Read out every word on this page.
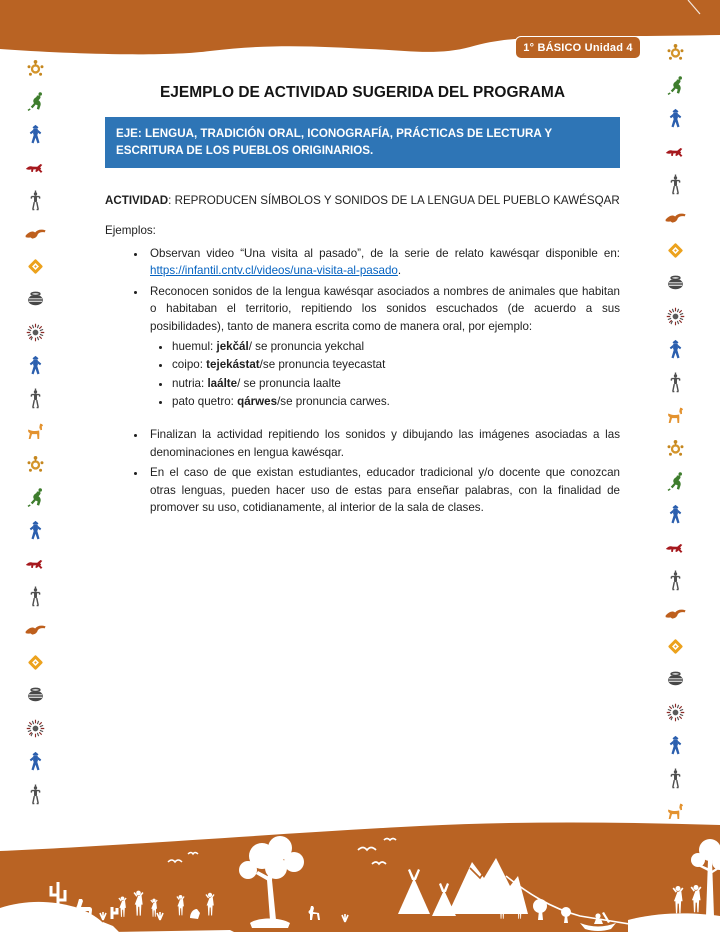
1° BÁSICO Unidad 4
EJEMPLO DE ACTIVIDAD SUGERIDA DEL PROGRAMA
EJE: LENGUA, TRADICIÓN ORAL, ICONOGRAFÍA, PRÁCTICAS DE LECTURA Y ESCRITURA DE LOS PUEBLOS ORIGINARIOS.

ACTIVIDAD: REPRODUCEN SÍMBOLOS Y SONIDOS DE LA LENGUA DEL PUEBLO KAWÉSQAR

Ejemplos:

• Observan video “Una visita al pasado”, de la serie de relato kawésqar disponible en: https://infantil.cntv.cl/videos/una-visita-al-pasado.
• Reconocen sonidos de la lengua kawésqar asociados a nombres de animales que habitan o habitaban el territorio, repitiendo los sonidos escuchados (de acuerdo a sus posibilidades), tanto de manera escrita como de manera oral, por ejemplo:
• huemul: jekčál/ se pronuncia yekchal
• coipo: tejekástat/se pronuncia teyecastat
• nutria: laálte/ se pronuncia laalte
• pato quetro: qárwes/se pronuncia carwes.
• Finalizan la actividad repitiendo los sonidos y dibujando las imágenes asociadas a las denominaciones en lengua kawésqar.
• En el caso de que existan estudiantes, educador tradicional y/o docente que conozcan otras lenguas, pueden hacer uso de estas para enseñar palabras, con la finalidad de promover su uso, cotidianamente, al interior de la sala de clases.
